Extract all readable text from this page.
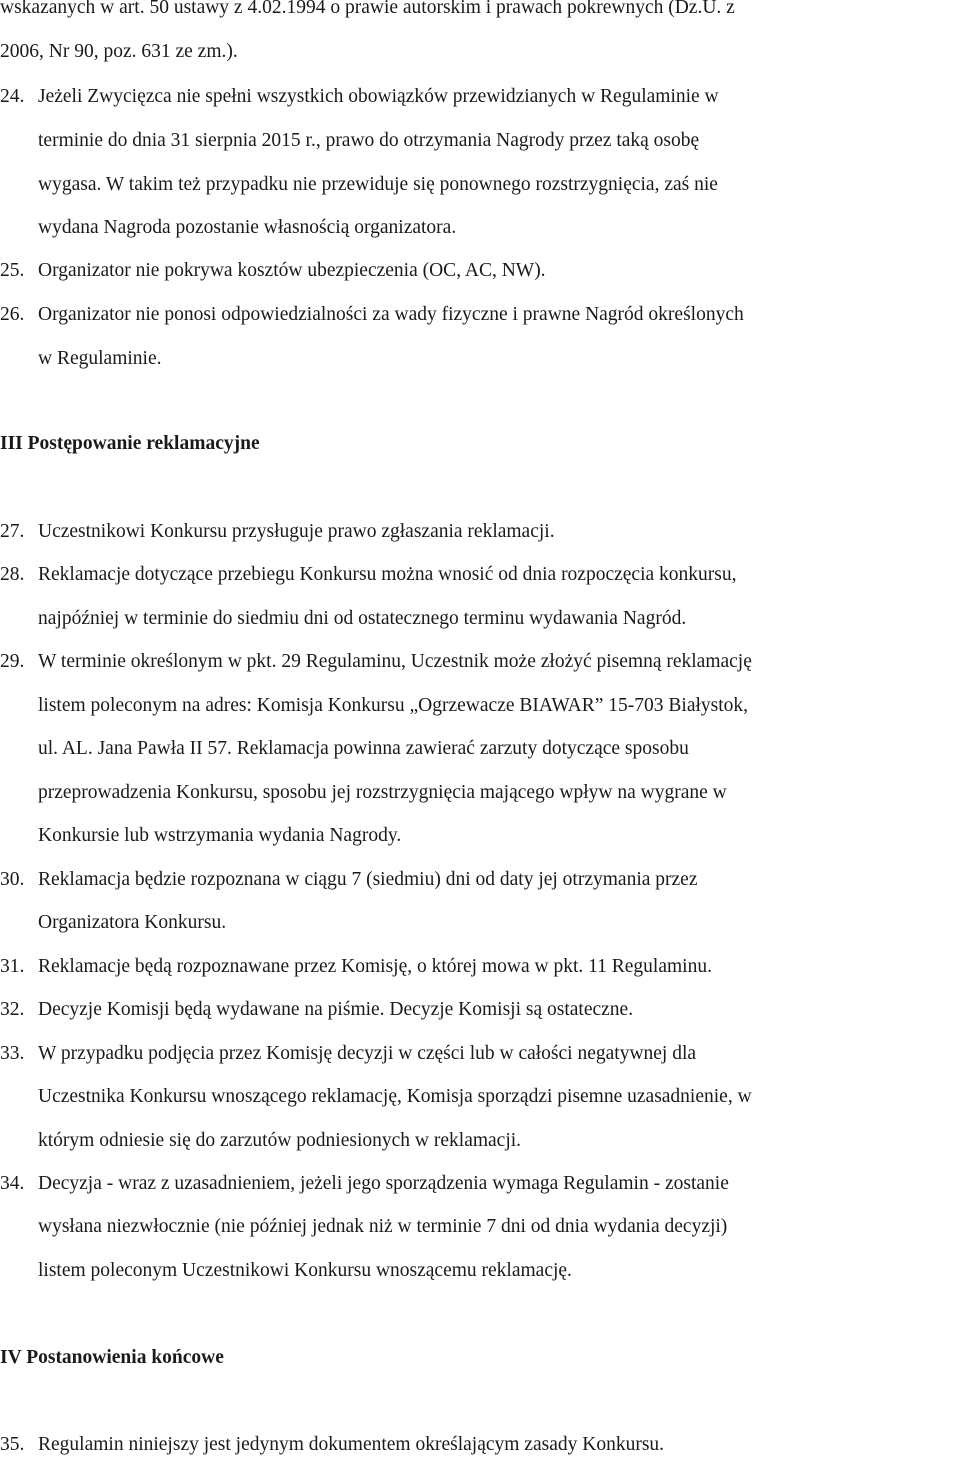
wskazanych w art. 50 ustawy z 4.02.1994 o prawie autorskim i prawach pokrewnych (Dz.U. z
2006, Nr 90, poz. 631 ze zm.).
24. Jeżeli Zwycięzca nie spełni wszystkich obowiązków przewidzianych w Regulaminie w
terminie do dnia 31 sierpnia 2015 r., prawo do otrzymania Nagrody przez taką osobę
wygasa. W takim też przypadku nie przewiduje się ponownego rozstrzygnięcia, zaś nie
wydana Nagroda pozostanie własnością organizatora.
25. Organizator nie pokrywa kosztów ubezpieczenia (OC, AC, NW).
26. Organizator nie ponosi odpowiedzialności za wady fizyczne i prawne Nagród określonych
w Regulaminie.
III Postępowanie reklamacyjne
27. Uczestnikowi Konkursu przysługuje prawo zgłaszania reklamacji.
28. Reklamacje dotyczące przebiegu Konkursu można wnosić od dnia rozpoczęcia konkursu,
najpóźniej w terminie do siedmiu dni od ostatecznego terminu wydawania Nagród.
29. W terminie określonym w pkt. 29 Regulaminu, Uczestnik może złożyć pisemną reklamację
listem poleconym na adres: Komisja Konkursu „Ogrzewacze BIAWAR” 15-703 Białystok,
ul. AL. Jana Pawła II 57. Reklamacja powinna zawierać zarzuty dotyczące sposobu
przeprowadzenia Konkursu, sposobu jej rozstrzygnięcia mającego wpływ na wygrane w
Konkursie lub wstrzymania wydania Nagrody.
30. Reklamacja będzie rozpoznana w ciągu 7 (siedmiu) dni od daty jej otrzymania przez
Organizatora Konkursu.
31. Reklamacje będą rozpoznawane przez Komisję, o której mowa w pkt. 11 Regulaminu.
32. Decyzje Komisji będą wydawane na piśmie. Decyzje Komisji są ostateczne.
33. W przypadku podjęcia przez Komisję decyzji w części lub w całości negatywnej dla
Uczestnika Konkursu wnoszącego reklamację, Komisja sporządzi pisemne uzasadnienie, w
którym odniesie się do zarzutów podniesionych w reklamacji.
34. Decyzja - wraz z uzasadnieniem, jeżeli jego sporządzenia wymaga Regulamin - zostanie
wysłana niezwłocznie (nie później jednak niż w terminie 7 dni od dnia wydania decyzji)
listem poleconym Uczestnikowi Konkursu wnoszącemu reklamację.
IV Postanowienia końcowe
35. Regulamin niniejszy jest jedynym dokumentem określającym zasady Konkursu.
